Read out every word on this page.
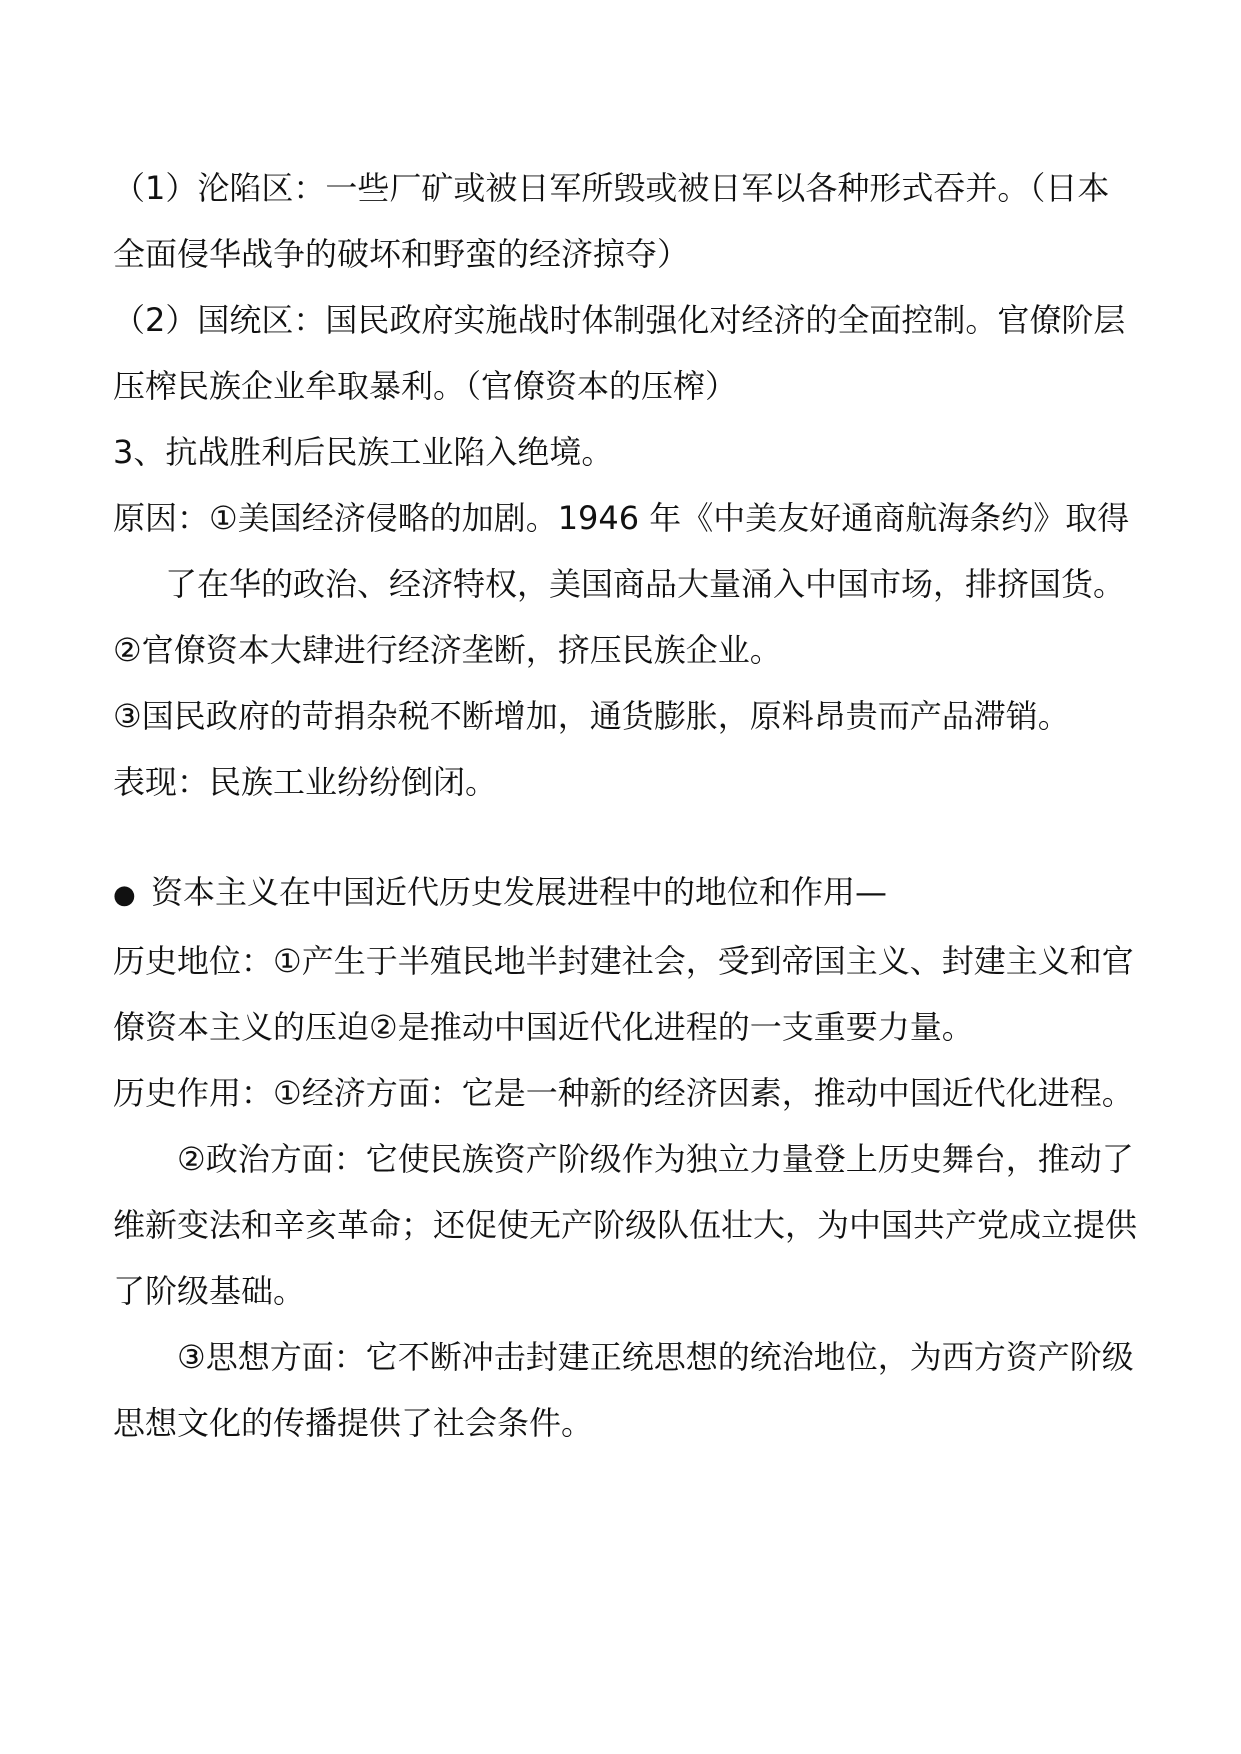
（1）沦陷区：一些厂矿或被日军所毁或被日军以各种形式吞并。（日本全面侵华战争的破坏和野蛮的经济掠夺）

（2）国统区：国民政府实施战时体制强化对经济的全面控制。官僚阶层压榨民族企业牟取暴利。（官僚资本的压榨）

3、抗战胜利后民族工业陷入绝境。

原因：①美国经济侵略的加剧。1946 年《中美友好通商航海条约》取得了在华的政治、经济特权，美国商品大量涌入中国市场，排挤国货。

②官僚资本大肆进行经济垄断，挤压民族企业。

③国民政府的苛捐杂税不断增加，通货膨胀，原料昂贵而产品滞销。

表现：民族工业纷纷倒闭。

● 资本主义在中国近代历史发展进程中的地位和作用—

历史地位：①产生于半殖民地半封建社会，受到帝国主义、封建主义和官僚资本主义的压迫②是推动中国近代化进程的一支重要力量。

历史作用：①经济方面：它是一种新的经济因素，推动中国近代化进程。

②政治方面：它使民族资产阶级作为独立力量登上历史舞台，推动了维新变法和辛亥革命；还促使无产阶级队伍壮大，为中国共产党成立提供了阶级基础。

③思想方面：它不断冲击封建正统思想的统治地位，为西方资产阶级思想文化的传播提供了社会条件。
